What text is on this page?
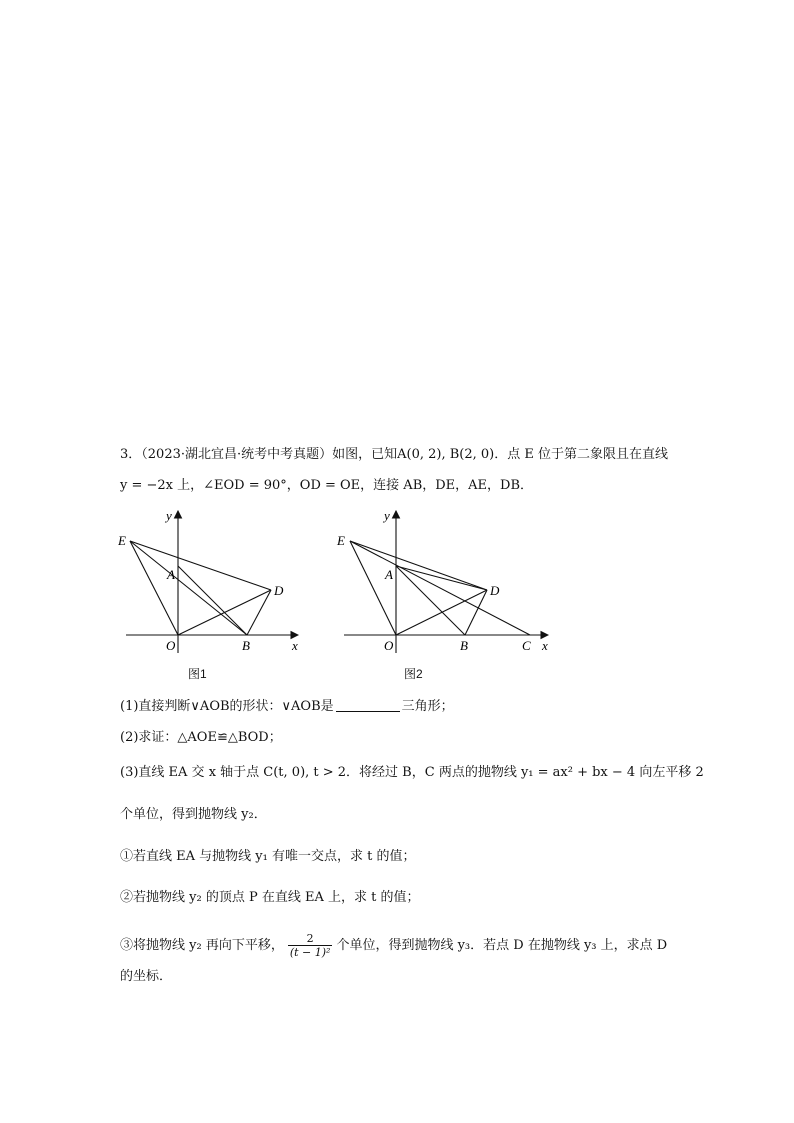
3．（2023·湖北宜昌·统考中考真题）如图，已知A(0, 2), B(2, 0)．点 E 位于第二象限且在直线
y = −2x 上，∠EOD = 90°，OD = OE，连接 AB，DE，AE，DB．
y
x
E
A
D
O	B
图1
y
x
E
A
D
O	B	C
图2
(1)直接判断∨AOB的形状：∨AOB是	三角形；
(2)求证：△AOE≌△BOD；
(3)直线 EA 交 x 轴于点 C(t, 0), t > 2．将经过 B，C 两点的抛物线 y₁ = ax² + bx − 4 向左平移 2
个单位，得到抛物线 y₂．
①若直线 EA 与抛物线 y₁ 有唯一交点，求 t 的值；
②若抛物线 y₂ 的顶点 P 在直线 EA 上，求 t 的值；
③将抛物线 y₂ 再向下平移， $\frac{2}{\text{(t − 1)²}}$ 个单位，得到抛物线 y₃．若点 D 在抛物线 y₃ 上，求点 D
的坐标．
